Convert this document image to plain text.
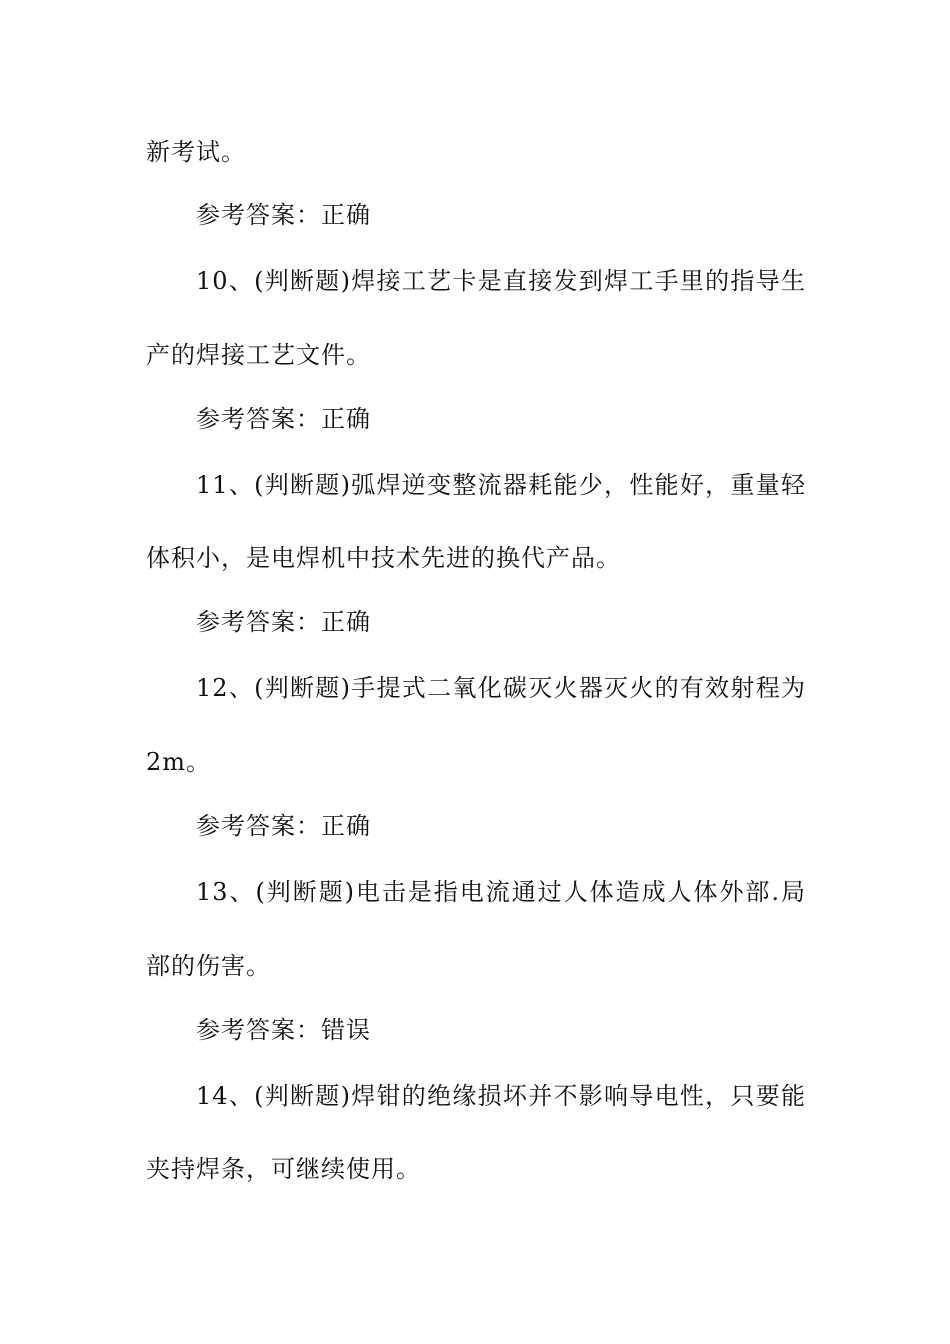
新考试。
参考答案：正确
10、(判断题)焊接工艺卡是直接发到焊工手里的指导生
产的焊接工艺文件。
参考答案：正确
11、(判断题)弧焊逆变整流器耗能少，性能好，重量轻
体积小，是电焊机中技术先进的换代产品。
参考答案：正确
12、(判断题)手提式二氧化碳灭火器灭火的有效射程为
2m。
参考答案：正确
13、(判断题)电击是指电流通过人体造成人体外部.局
部的伤害。
参考答案：错误
14、(判断题)焊钳的绝缘损坏并不影响导电性，只要能
夹持焊条，可继续使用。
